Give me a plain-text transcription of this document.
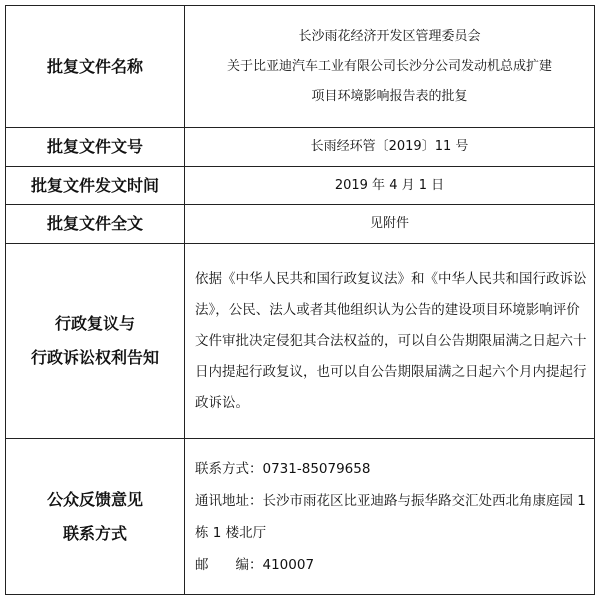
批复文件名称	长沙雨花经济开发区管理委员会
关于比亚迪汽车工业有限公司长沙分公司发动机总成扩建
项目环境影响报告表的批复

批复文件文号	长雨经环管〔2019〕11 号
批复文件发文时间	2019 年 4 月 1 日
批复文件全文	见附件

行政复议与
行政诉讼权利告知	依据《中华人民共和国行政复议法》和《中华人民共和国行政诉讼法》，公民、法人或者其他组织认为公告的建设项目环境影响评价文件审批决定侵犯其合法权益的，可以自公告期限届满之日起六十日内提起行政复议，也可以自公告期限届满之日起六个月内提起行政诉讼。

公众反馈意见
联系方式	联系方式：0731-85079658
通讯地址：长沙市雨花区比亚迪路与振华路交汇处西北角康庭园 1 栋 1 楼北厅
邮　　编：410007
